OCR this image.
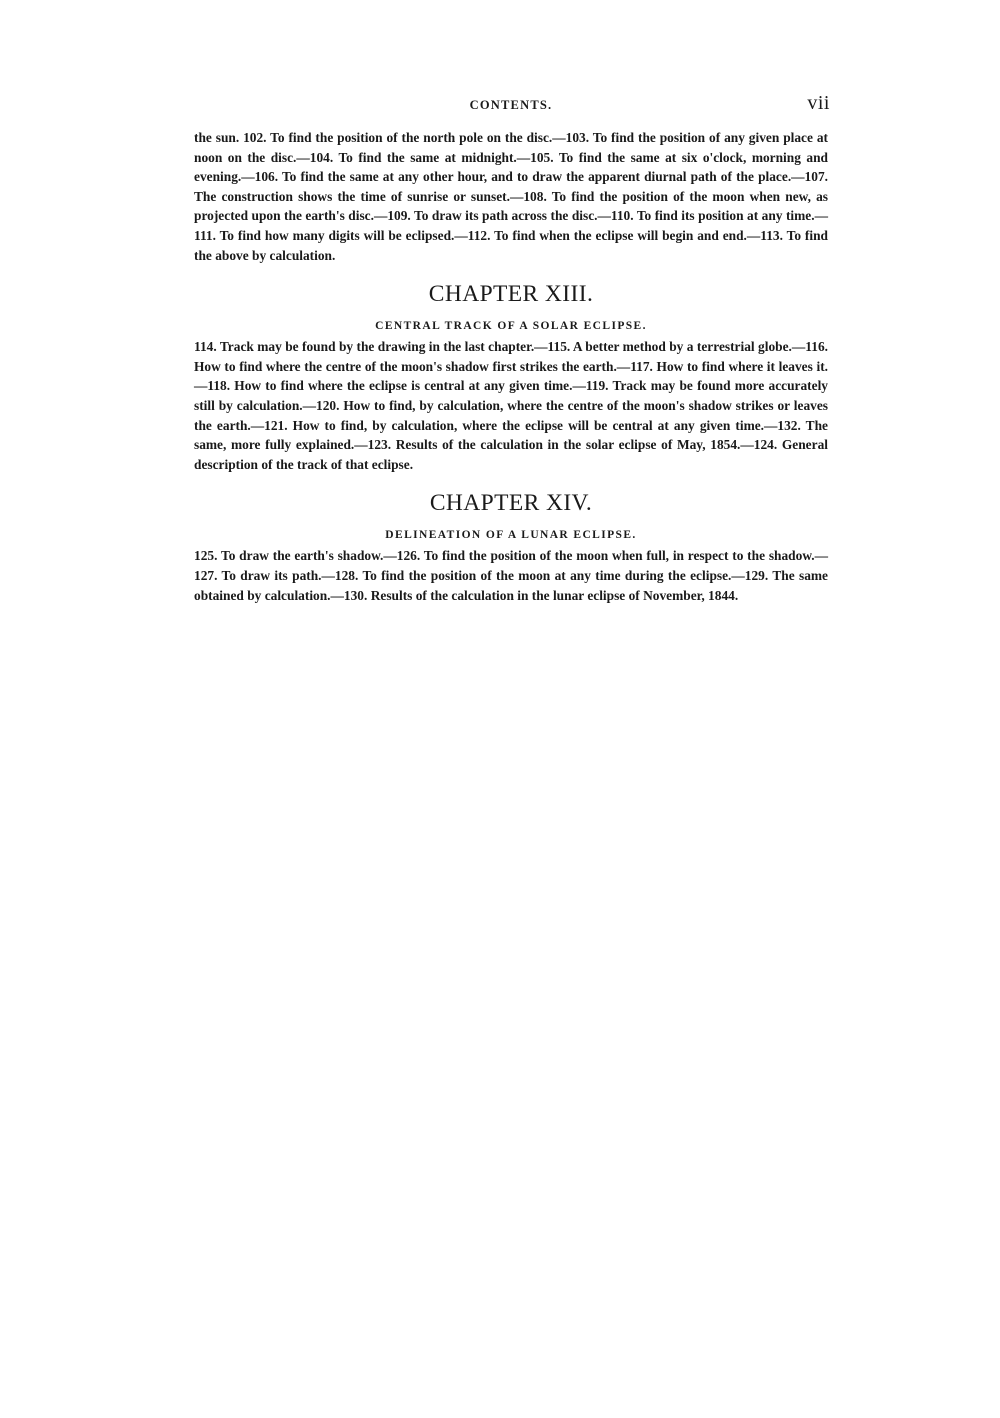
CONTENTS.	vii

the sun. 102. To find the position of the north pole on the disc.—103. To find the position of any given place at noon on the disc.—104. To find the same at midnight.—105. To find the same at six o'clock, morning and evening.—106. To find the same at any other hour, and to draw the apparent diurnal path of the place.—107. The construction shows the time of sunrise or sunset.—108. To find the position of the moon when new, as projected upon the earth's disc.—109. To draw its path across the disc.—110. To find its position at any time.—111. To find how many digits will be eclipsed.—112. To find when the eclipse will begin and end.—113. To find the above by calculation.

CHAPTER XIII.
CENTRAL TRACK OF A SOLAR ECLIPSE.

114. Track may be found by the drawing in the last chapter.—115. A better method by a terrestrial globe.—116. How to find where the centre of the moon's shadow first strikes the earth.—117. How to find where it leaves it.—118. How to find where the eclipse is central at any given time.—119. Track may be found more accurately still by calculation.—120. How to find, by calculation, where the centre of the moon's shadow strikes or leaves the earth.—121. How to find, by calculation, where the eclipse will be central at any given time.—132. The same, more fully explained.—123. Results of the calculation in the solar eclipse of May, 1854.—124. General description of the track of that eclipse.

CHAPTER XIV.
DELINEATION OF A LUNAR ECLIPSE.

125. To draw the earth's shadow.—126. To find the position of the moon when full, in respect to the shadow.—127. To draw its path.—128. To find the position of the moon at any time during the eclipse.—129. The same obtained by calculation.—130. Results of the calculation in the lunar eclipse of November, 1844.
